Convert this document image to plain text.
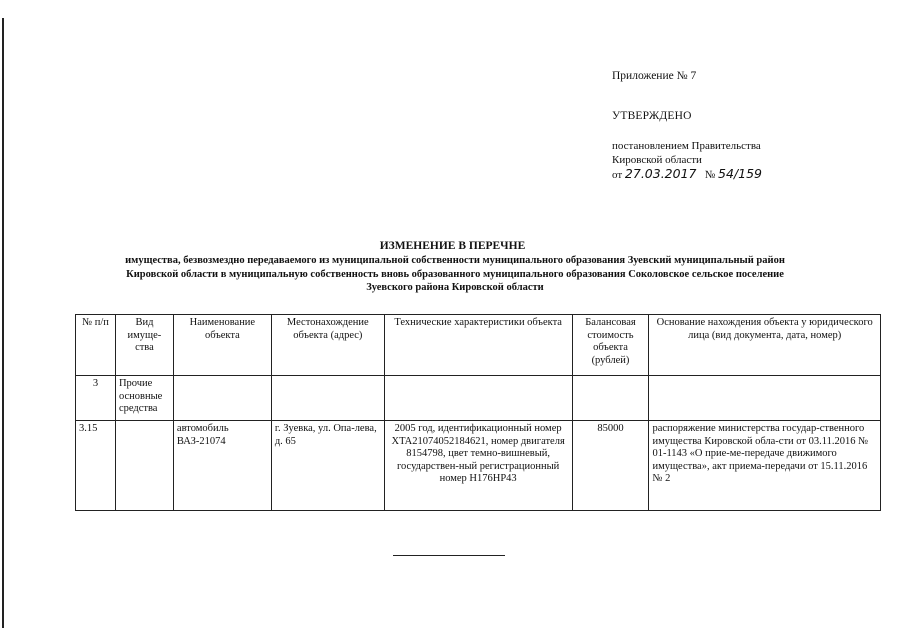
Приложение № 7
УТВЕРЖДЕНО
постановлением Правительства
Кировской области
от 27.03.2017 № 54/159
ИЗМЕНЕНИЕ В ПЕРЕЧНЕ
имущества, безвозмездно передаваемого из муниципальной собственности муниципального образования Зуевский муниципальный район Кировской области в муниципальную собственность вновь образованного муниципального образования Соколовское сельское поселение Зуевского района Кировской области
№ п/п	Вид имуще-ства	Наименование объекта	Местонахождение объекта (адрес)	Технические характеристики объекта	Балансовая стоимость объекта (рублей)	Основание нахождения объекта у юридического лица (вид документа, дата, номер)
3	Прочие основные средства					
3.15		автомобиль ВАЗ-21074	г. Зуевка, ул. Опа-лева, д. 65	2005 год, идентификационный номер XTA21074052184621, номер двигателя 8154798, цвет темно-вишневый, государствен-ный регистрационный номер Н176НР43	85000	распоряжение министерства государ-ственного имущества Кировской обла-сти от 03.11.2016 № 01-1143 «О прие-ме-передаче движимого имущества», акт приема-передачи от 15.11.2016 № 2
